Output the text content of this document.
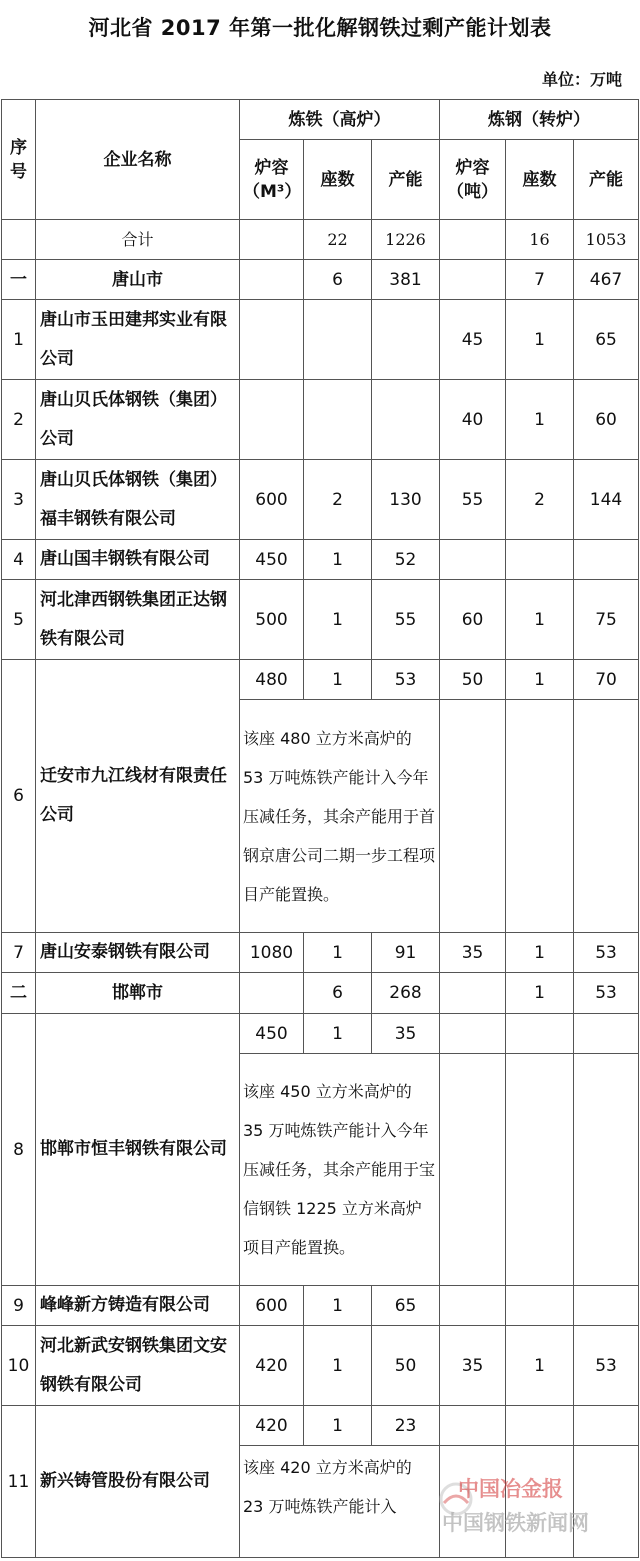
河北省 2017 年第一批化解钢铁过剩产能计划表
单位：万吨
序号	企业名称	炼铁（高炉）			炼钢（转炉）		
		炉容（M³）	座数	产能	炉容（吨）	座数	产能
	合计		22	1226		16	1053
一	唐山市		6	381		7	467
1	唐山市玉田建邦实业有限公司				45	1	65
2	唐山贝氏体钢铁（集团）公司				40	1	60
3	唐山贝氏体钢铁（集团）福丰钢铁有限公司	600	2	130	55	2	144
4	唐山国丰钢铁有限公司	450	1	52			
5	河北津西钢铁集团正达钢铁有限公司	500	1	55	60	1	75
6	迁安市九江线材有限责任公司	480	1	53	50	1	70
		该座 480 立方米高炉的 53 万吨炼铁产能计入今年压减任务，其余产能用于首钢京唐公司二期一步工程项目产能置换。					
7	唐山安泰钢铁有限公司	1080	1	91	35	1	53
二	邯郸市		6	268		1	53
8	邯郸市恒丰钢铁有限公司	450	1	35			
		该座 450 立方米高炉的 35 万吨炼铁产能计入今年压减任务，其余产能用于宝信钢铁 1225 立方米高炉项目产能置换。					
9	峰峰新方铸造有限公司	600	1	65			
10	河北新武安钢铁集团文安钢铁有限公司	420	1	50	35	1	53
11	新兴铸管股份有限公司	420	1	23			
		该座 420 立方米高炉的 23 万吨炼铁产能计入					
中国冶金报
中国钢铁新闻网
